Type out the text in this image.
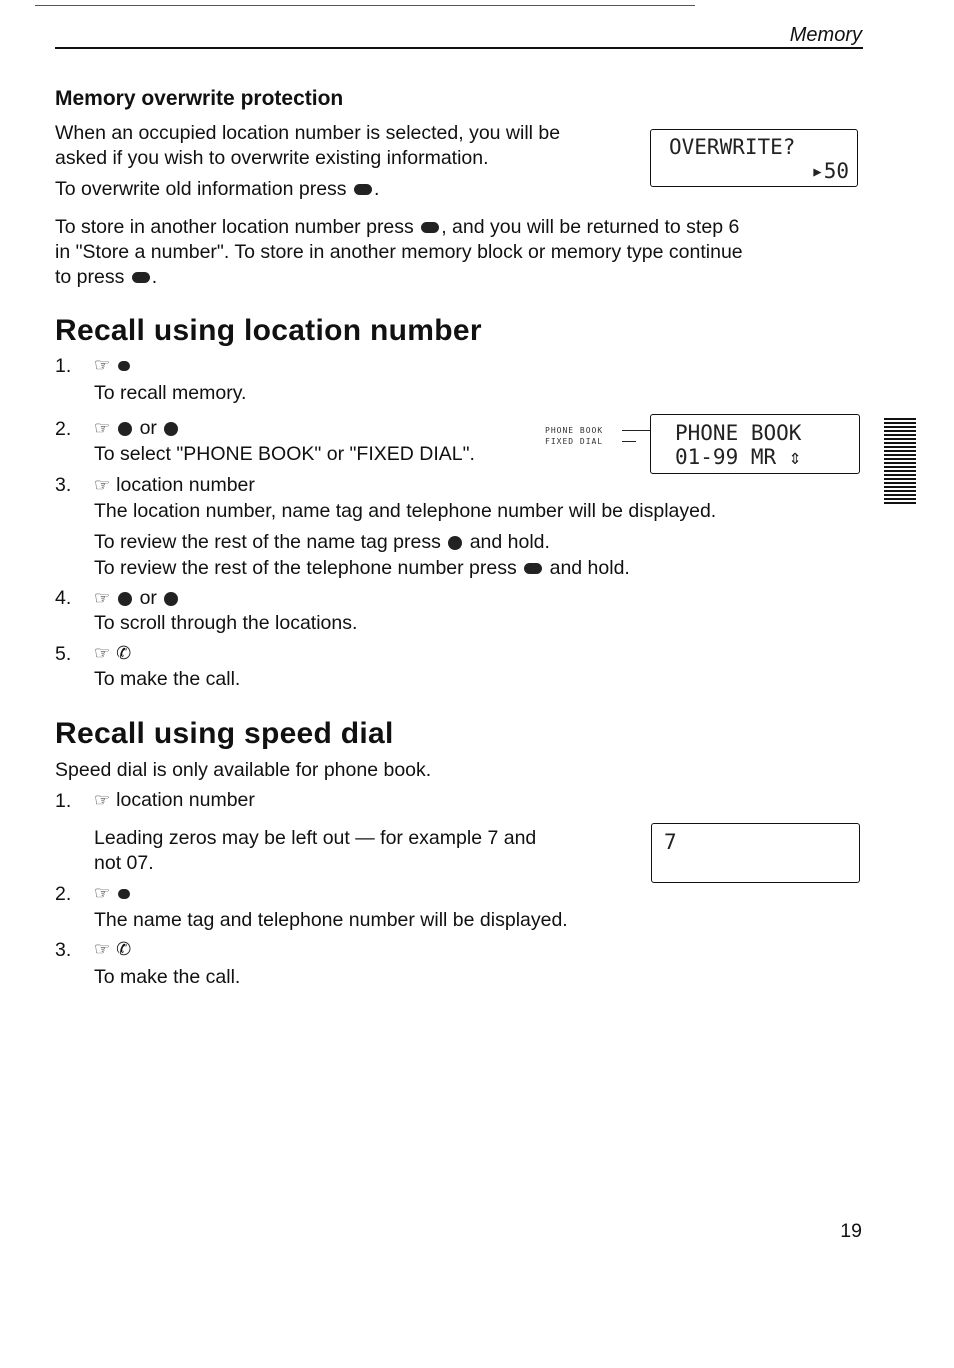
Memory
Memory overwrite protection
When an occupied location number is selected, you will be
asked if you wish to overwrite existing information.
To overwrite old information press .
OVERWRITE?
▸50
To store in another location number press , and you will be returned to step 6
in "Store a number". To store in another memory block or memory type continue
to press .
Recall using location number
1. ☞
To recall memory.
2. ☞ or
To select "PHONE BOOK" or "FIXED DIAL".
PHONE BOOK
FIXED DIAL	PHONE BOOK
01-99 MR ⇕
3. ☞ location number
The location number, name tag and telephone number will be displayed.
To review the rest of the name tag press and hold.
To review the rest of the telephone number press and hold.
4. ☞ or
To scroll through the locations.
5. ☞ ✆
To make the call.
Recall using speed dial
Speed dial is only available for phone book.
1. ☞ location number
Leading zeros may be left out — for example 7 and
not 07.
7
2. ☞
The name tag and telephone number will be displayed.
3. ☞ ✆
To make the call.
19
